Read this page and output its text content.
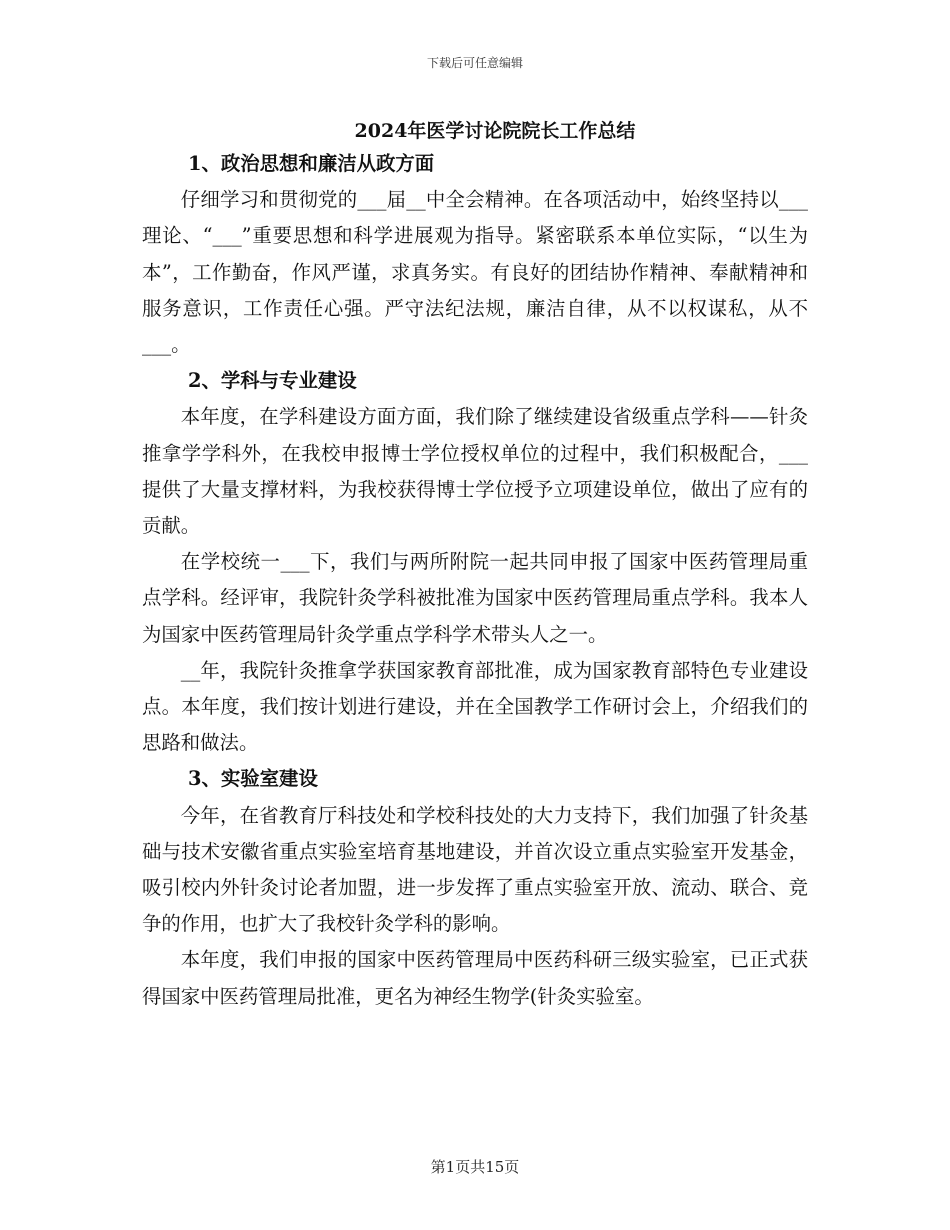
下载后可任意编辑
2024年医学讨论院院长工作总结
1、政治思想和廉洁从政方面

仔细学习和贯彻党的___届__中全会精神。在各项活动中，始终坚持以___理论、“___”重要思想和科学进展观为指导。紧密联系本单位实际，“以生为本”，工作勤奋，作风严谨，求真务实。有良好的团结协作精神、奉献精神和服务意识，工作责任心强。严守法纪法规，廉洁自律，从不以权谋私，从不___。

2、学科与专业建设

本年度，在学科建设方面方面，我们除了继续建设省级重点学科——针灸推拿学学科外，在我校申报博士学位授权单位的过程中，我们积极配合，___提供了大量支撑材料，为我校获得博士学位授予立项建设单位，做出了应有的贡献。

在学校统一___下，我们与两所附院一起共同申报了国家中医药管理局重点学科。经评审，我院针灸学科被批准为国家中医药管理局重点学科。我本人为国家中医药管理局针灸学重点学科学术带头人之一。

__年，我院针灸推拿学获国家教育部批准，成为国家教育部特色专业建设点。本年度，我们按计划进行建设，并在全国教学工作研讨会上，介绍我们的思路和做法。

3、实验室建设

今年，在省教育厅科技处和学校科技处的大力支持下，我们加强了针灸基础与技术安徽省重点实验室培育基地建设，并首次设立重点实验室开发基金，吸引校内外针灸讨论者加盟，进一步发挥了重点实验室开放、流动、联合、竞争的作用，也扩大了我校针灸学科的影响。

本年度，我们申报的国家中医药管理局中医药科研三级实验室，已正式获得国家中医药管理局批准，更名为神经生物学(针灸实验室。

第1页共15页
